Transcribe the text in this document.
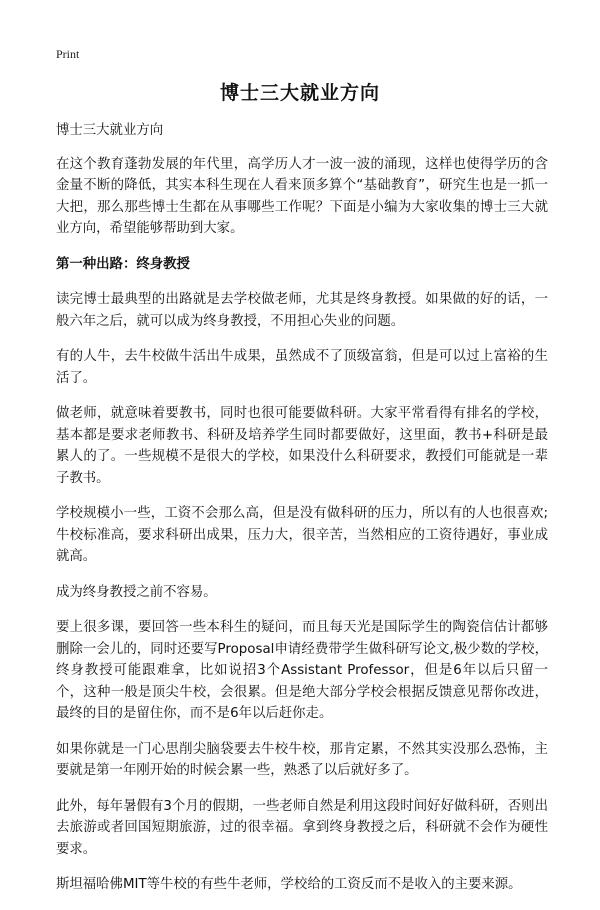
Print
博士三大就业方向

博士三大就业方向

在这个教育蓬勃发展的年代里，高学历人才一波一波的涌现，这样也使得学历的含金量不断的降低，其实本科生现在人看来顶多算个“基础教育”，研究生也是一抓一大把，那么那些博士生都在从事哪些工作呢？下面是小编为大家收集的博士三大就业方向，希望能够帮助到大家。

第一种出路：终身教授

读完博士最典型的出路就是去学校做老师，尤其是终身教授。如果做的好的话，一般六年之后，就可以成为终身教授，不用担心失业的问题。

有的人牛，去牛校做牛活出牛成果，虽然成不了顶级富翁，但是可以过上富裕的生活了。

做老师，就意味着要教书，同时也很可能要做科研。大家平常看得有排名的学校，基本都是要求老师教书、科研及培养学生同时都要做好，这里面，教书+科研是最累人的了。一些规模不是很大的学校，如果没什么科研要求，教授们可能就是一辈子教书。

学校规模小一些，工资不会那么高，但是没有做科研的压力，所以有的人也很喜欢;牛校标准高，要求科研出成果，压力大，很辛苦，当然相应的工资待遇好，事业成就高。

成为终身教授之前不容易。

要上很多课，要回答一些本科生的疑问，而且每天光是国际学生的陶瓷信估计都够删除一会儿的，同时还要写Proposal申请经费带学生做科研写论文,极少数的学校，终身教授可能跟难拿，比如说招3个Assistant Professor，但是6年以后只留一个，这种一般是顶尖牛校，会很累。但是绝大部分学校会根据反馈意见帮你改进，最终的目的是留住你，而不是6年以后赶你走。

如果你就是一门心思削尖脑袋要去牛校牛校，那肯定累，不然其实没那么恐怖，主要就是第一年刚开始的时候会累一些，熟悉了以后就好多了。

此外，每年暑假有3个月的假期，一些老师自然是利用这段时间好好做科研，否则出去旅游或者回国短期旅游，过的很幸福。拿到终身教授之后，科研就不会作为硬性要求。

斯坦福哈佛MIT等牛校的有些牛老师，学校给的工资反而不是收入的主要来源。
